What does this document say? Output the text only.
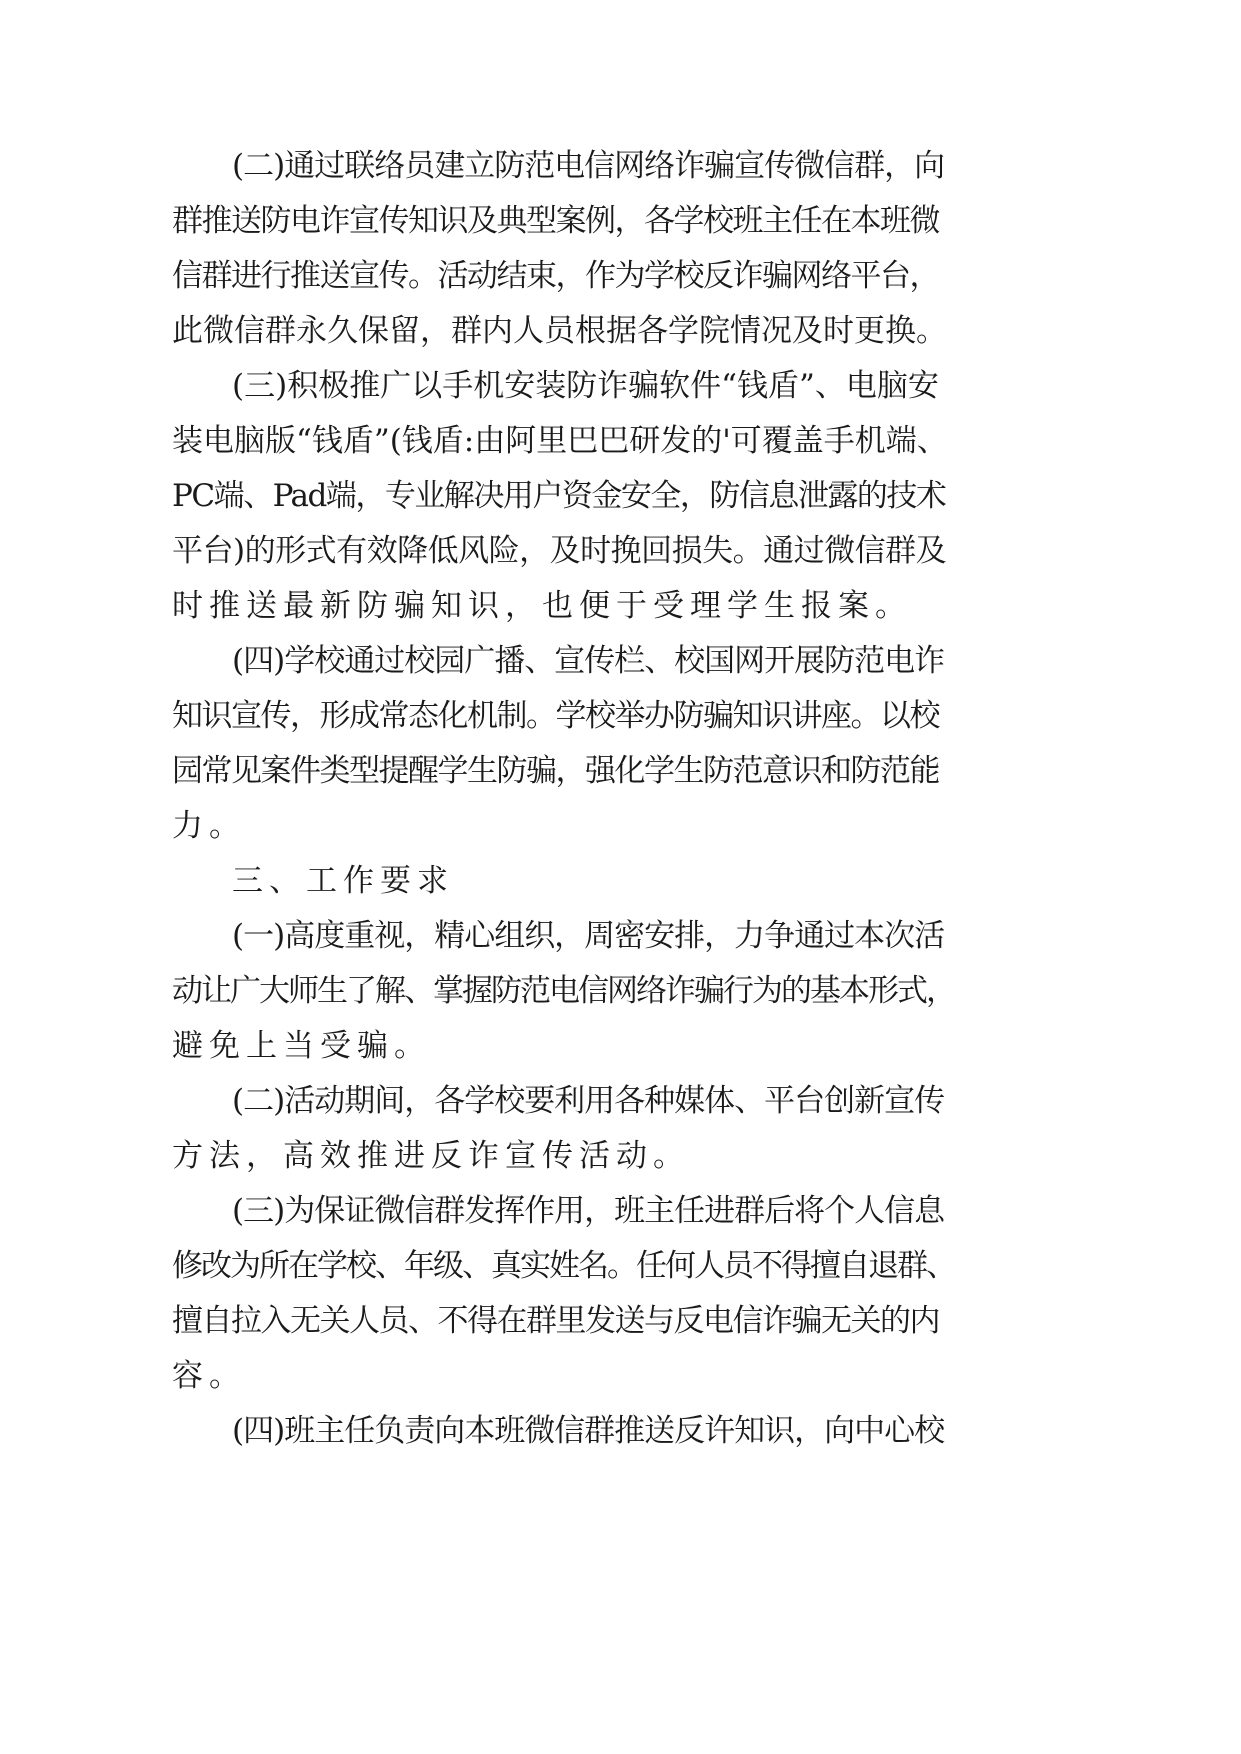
(二)通过联络员建立防范电信网络诈骗宣传微信群，向
群推送防电诈宣传知识及典型案例，各学校班主任在本班微
信群进行推送宣传。活动结束，作为学校反诈骗网络平台，
此微信群永久保留，群内人员根据各学院情况及时更换。
(三)积极推广以手机安装防诈骗软件“钱盾”、电脑安
装电脑版“钱盾”(钱盾:由阿里巴巴研发的'可覆盖手机端、
PC端、Pad端，专业解决用户资金安全，防信息泄露的技术
平台)的形式有效降低风险，及时挽回损失。通过微信群及
时推送最新防骗知识，也便于受理学生报案。
(四)学校通过校园广播、宣传栏、校国网开展防范电诈
知识宣传，形成常态化机制。学校举办防骗知识讲座。以校
园常见案件类型提醒学生防骗，强化学生防范意识和防范能
力。
三、工作要求
(一)高度重视，精心组织，周密安排，力争通过本次活
动让广大师生了解、掌握防范电信网络诈骗行为的基本形式，
避免上当受骗。
(二)活动期间，各学校要利用各种媒体、平台创新宣传
方法，高效推进反诈宣传活动。
(三)为保证微信群发挥作用，班主任进群后将个人信息
修改为所在学校、年级、真实姓名。任何人员不得擅自退群、
擅自拉入无关人员、不得在群里发送与反电信诈骗无关的内
容。
(四)班主任负责向本班微信群推送反许知识，向中心校
